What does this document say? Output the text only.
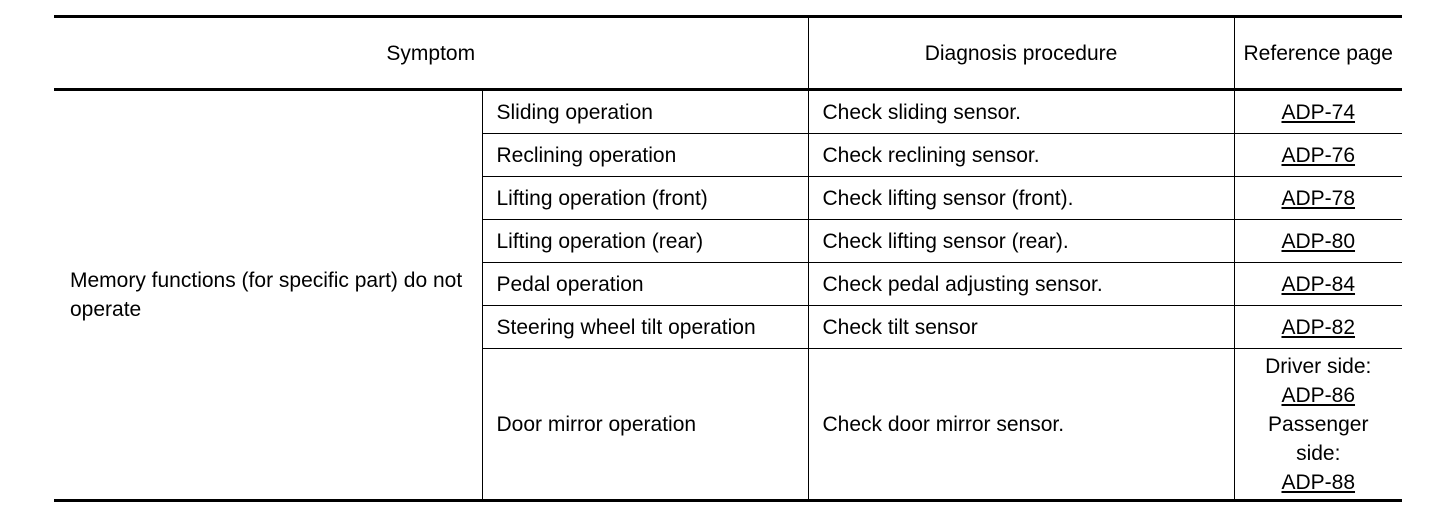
Symptom		Diagnosis procedure	Reference page
Memory functions (for specific part) do not operate	Sliding operation	Check sliding sensor.	ADP-74
	Reclining operation	Check reclining sensor.	ADP-76
	Lifting operation (front)	Check lifting sensor (front).	ADP-78
	Lifting operation (rear)	Check lifting sensor (rear).	ADP-80
	Pedal operation	Check pedal adjusting sensor.	ADP-84
	Steering wheel tilt operation	Check tilt sensor	ADP-82
	Door mirror operation	Check door mirror sensor.	Driver side:
ADP-86
Passenger side:
ADP-88
